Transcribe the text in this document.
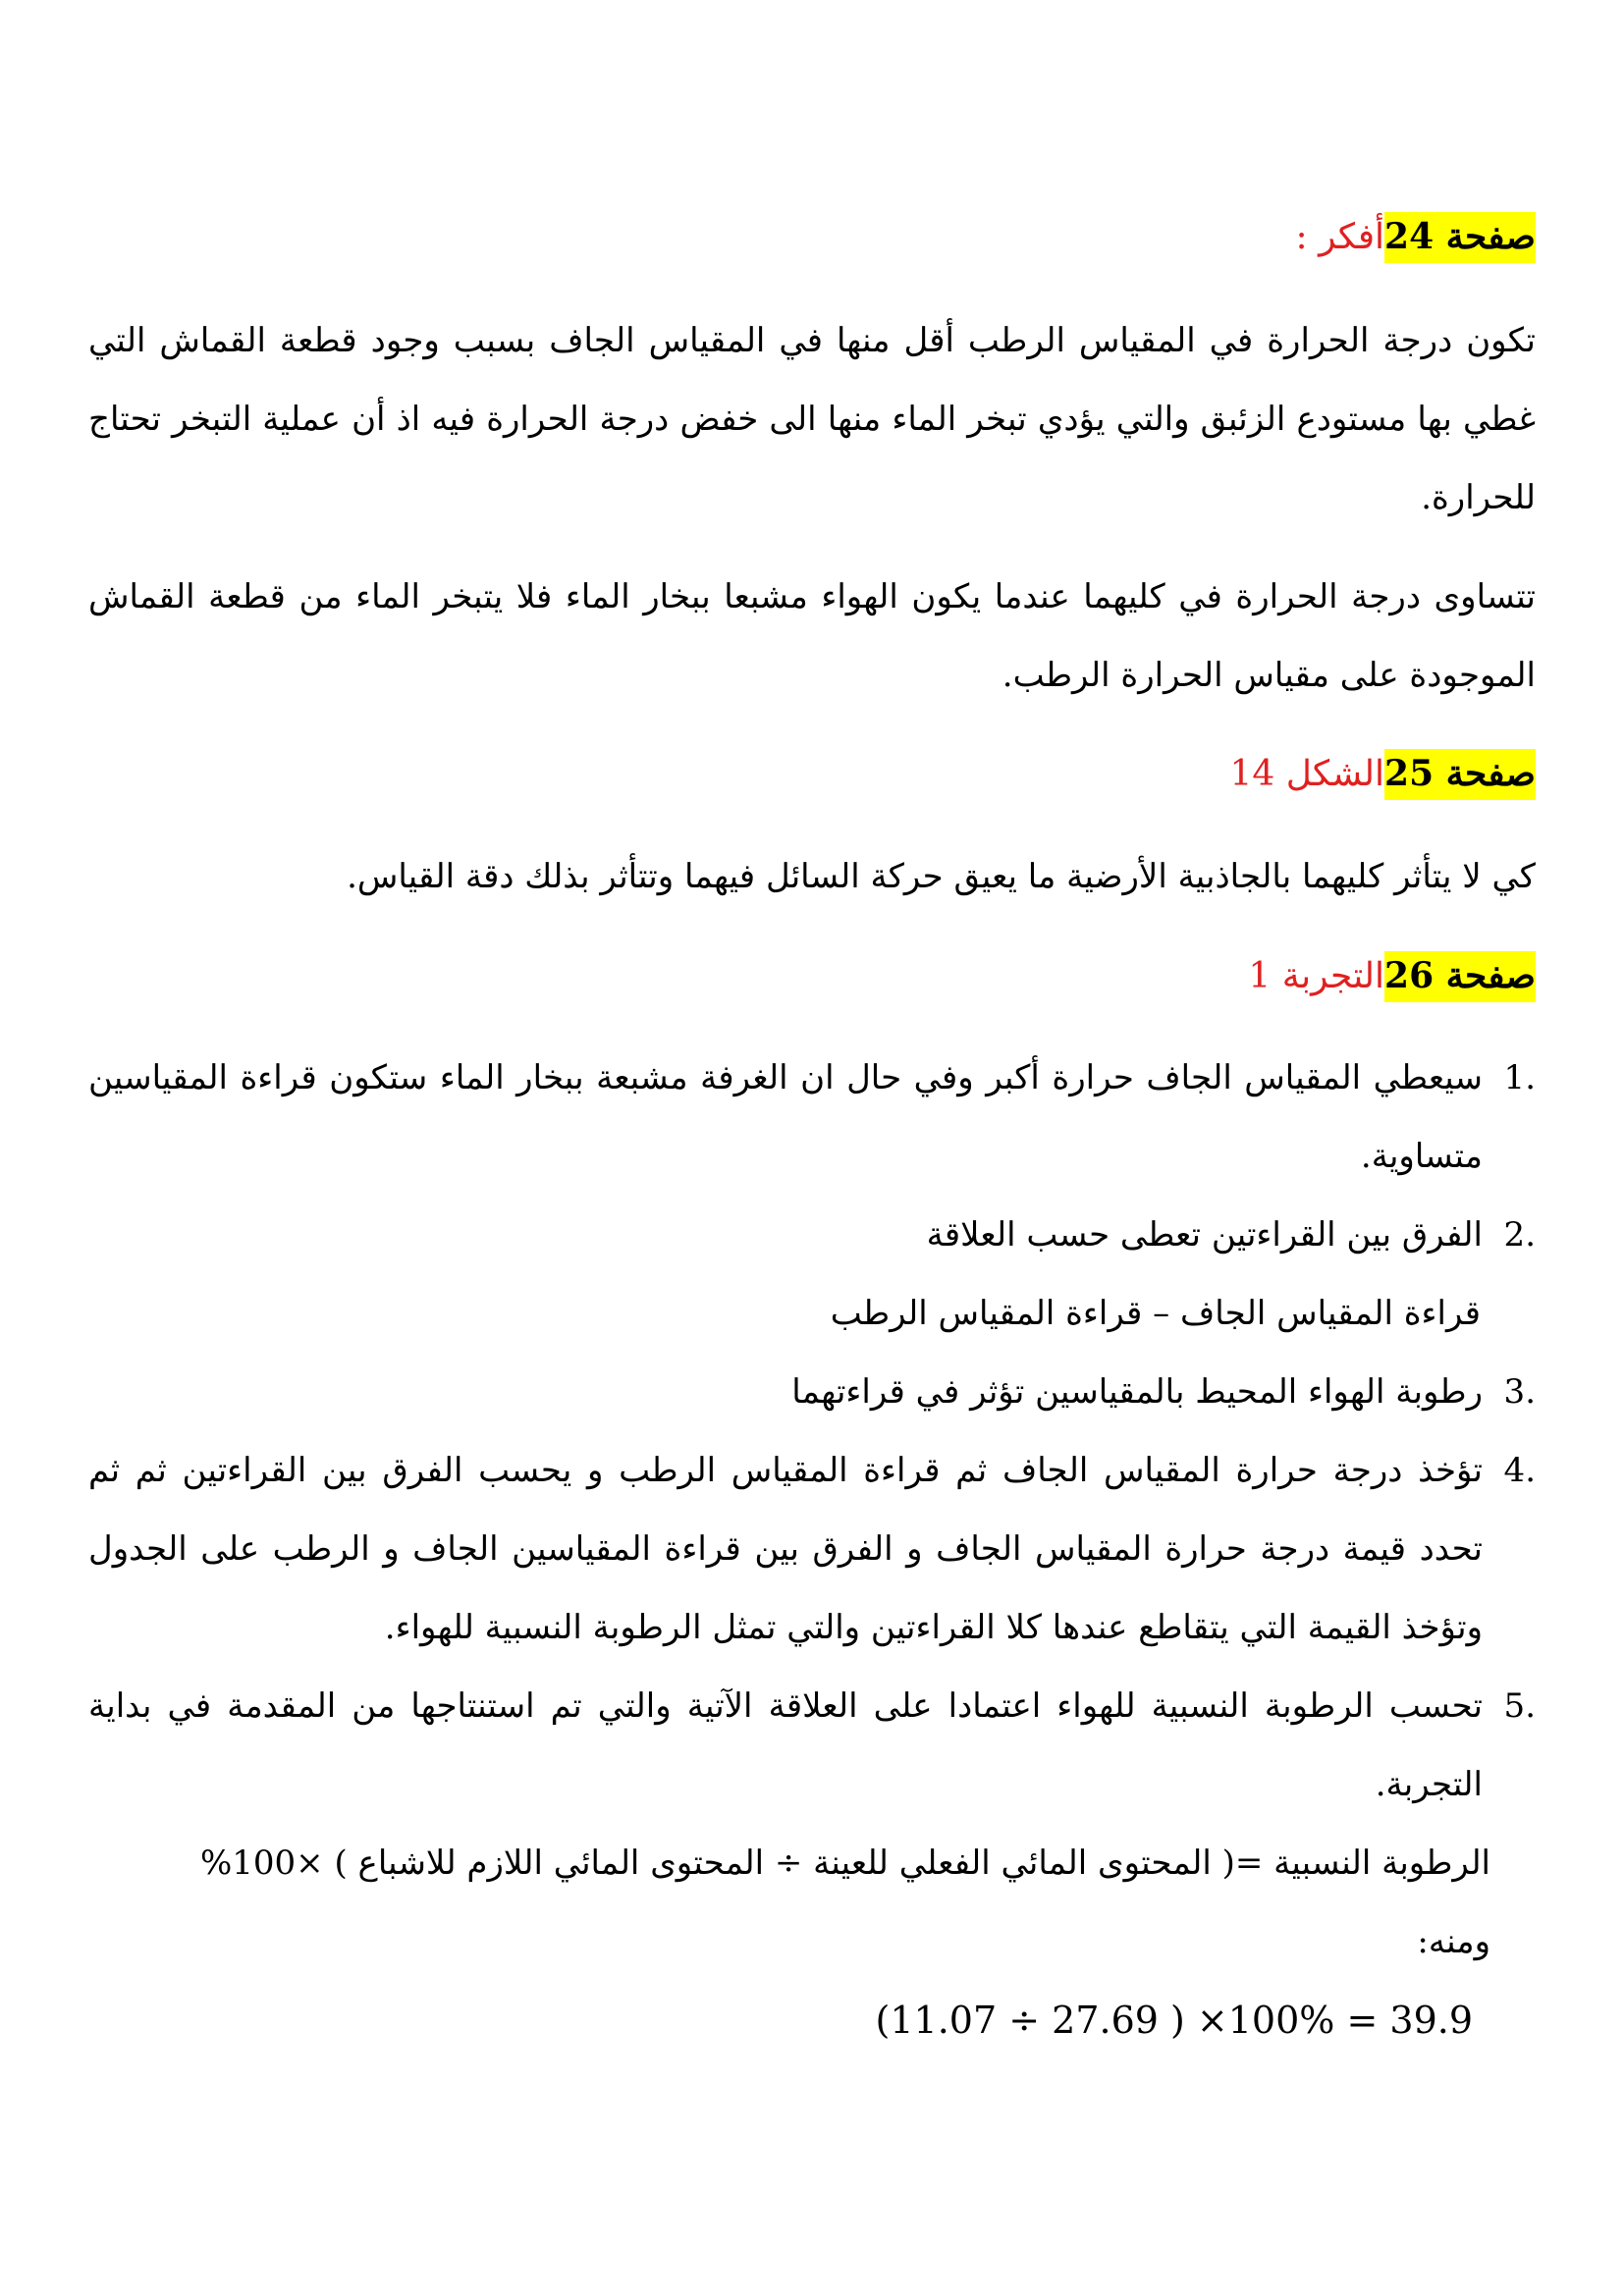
صفحة 24أفكر :
تكون درجة الحرارة في المقياس الرطب أقل منها في المقياس الجاف بسبب وجود قطعة القماش التي غطي بها مستودع الزئبق والتي يؤدي تبخر الماء منها الى خفض درجة الحرارة فيه اذ أن عملية التبخر تحتاج للحرارة.
تتساوى درجة الحرارة في كليهما عندما يكون الهواء مشبعا ببخار الماء فلا يتبخر الماء من قطعة القماش الموجودة على مقياس الحرارة الرطب.
صفحة 25الشكل 14
كي لا يتأثر كليهما بالجاذبية الأرضية ما يعيق حركة السائل فيهما وتتأثر بذلك دقة القياس.
صفحة 26التجربة 1
.1
سيعطي المقياس الجاف حرارة أكبر وفي حال ان الغرفة مشبعة ببخار الماء ستكون قراءة المقياسين متساوية.
.2
الفرق بين القراءتين تعطى حسب العلاقة
قراءة المقياس الجاف – قراءة المقياس الرطب
.3
رطوبة الهواء المحيط بالمقياسين تؤثر في قراءتهما
.4
تؤخذ درجة حرارة المقياس الجاف ثم قراءة المقياس الرطب و يحسب الفرق بين القراءتين ثم ثم تحدد قيمة درجة حرارة المقياس الجاف و الفرق بين قراءة المقياسين الجاف و الرطب على الجدول وتؤخذ القيمة التي يتقاطع عندها كلا القراءتين والتي تمثل الرطوبة النسبية للهواء.
.5
تحسب الرطوبة النسبية للهواء اعتمادا على العلاقة الآتية والتي تم استنتاجها من المقدمة في بداية التجربة.
الرطوبة النسبية =( المحتوى المائي الفعلي للعينة ÷ المحتوى المائي اللازم للاشباع ) ×100%
ومنه:
(11.07 ÷ 27.69 ) ×100% = 39.9
